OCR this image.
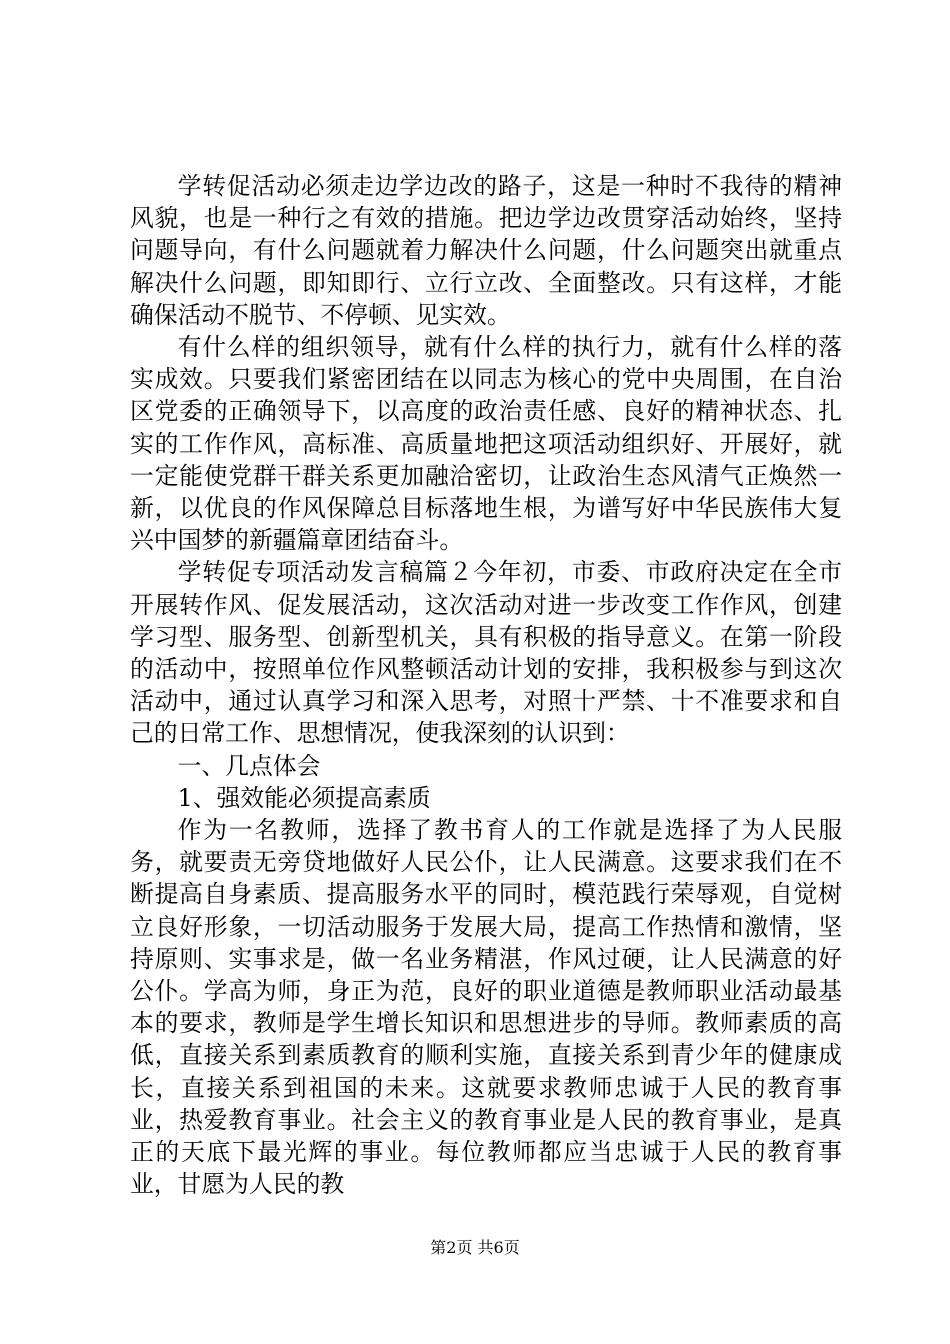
学转促活动必须走边学边改的路子，这是一种时不我待的精神风貌，也是一种行之有效的措施。把边学边改贯穿活动始终，坚持问题导向，有什么问题就着力解决什么问题，什么问题突出就重点解决什么问题，即知即行、立行立改、全面整改。只有这样，才能确保活动不脱节、不停顿、见实效。

有什么样的组织领导，就有什么样的执行力，就有什么样的落实成效。只要我们紧密团结在以同志为核心的党中央周围，在自治区党委的正确领导下，以高度的政治责任感、良好的精神状态、扎实的工作作风，高标准、高质量地把这项活动组织好、开展好，就一定能使党群干群关系更加融洽密切，让政治生态风清气正焕然一新，以优良的作风保障总目标落地生根，为谱写好中华民族伟大复兴中国梦的新疆篇章团结奋斗。

学转促专项活动发言稿篇２今年初，市委、市政府决定在全市开展转作风、促发展活动，这次活动对进一步改变工作作风，创建学习型、服务型、创新型机关，具有积极的指导意义。在第一阶段的活动中，按照单位作风整顿活动计划的安排，我积极参与到这次活动中，通过认真学习和深入思考，对照十严禁、十不准要求和自己的日常工作、思想情况，使我深刻的认识到：

一、几点体会

1、强效能必须提高素质

作为一名教师，选择了教书育人的工作就是选择了为人民服务，就要责无旁贷地做好人民公仆，让人民满意。这要求我们在不断提高自身素质、提高服务水平的同时，模范践行荣辱观，自觉树立良好形象，一切活动服务于发展大局，提高工作热情和激情，坚持原则、实事求是，做一名业务精湛，作风过硬，让人民满意的好公仆。学高为师，身正为范，良好的职业道德是教师职业活动最基本的要求，教师是学生增长知识和思想进步的导师。教师素质的高低，直接关系到素质教育的顺利实施，直接关系到青少年的健康成长，直接关系到祖国的未来。这就要求教师忠诚于人民的教育事业，热爱教育事业。社会主义的教育事业是人民的教育事业，是真正的天底下最光辉的事业。每位教师都应当忠诚于人民的教育事业，甘愿为人民的教

第2页 共6页
